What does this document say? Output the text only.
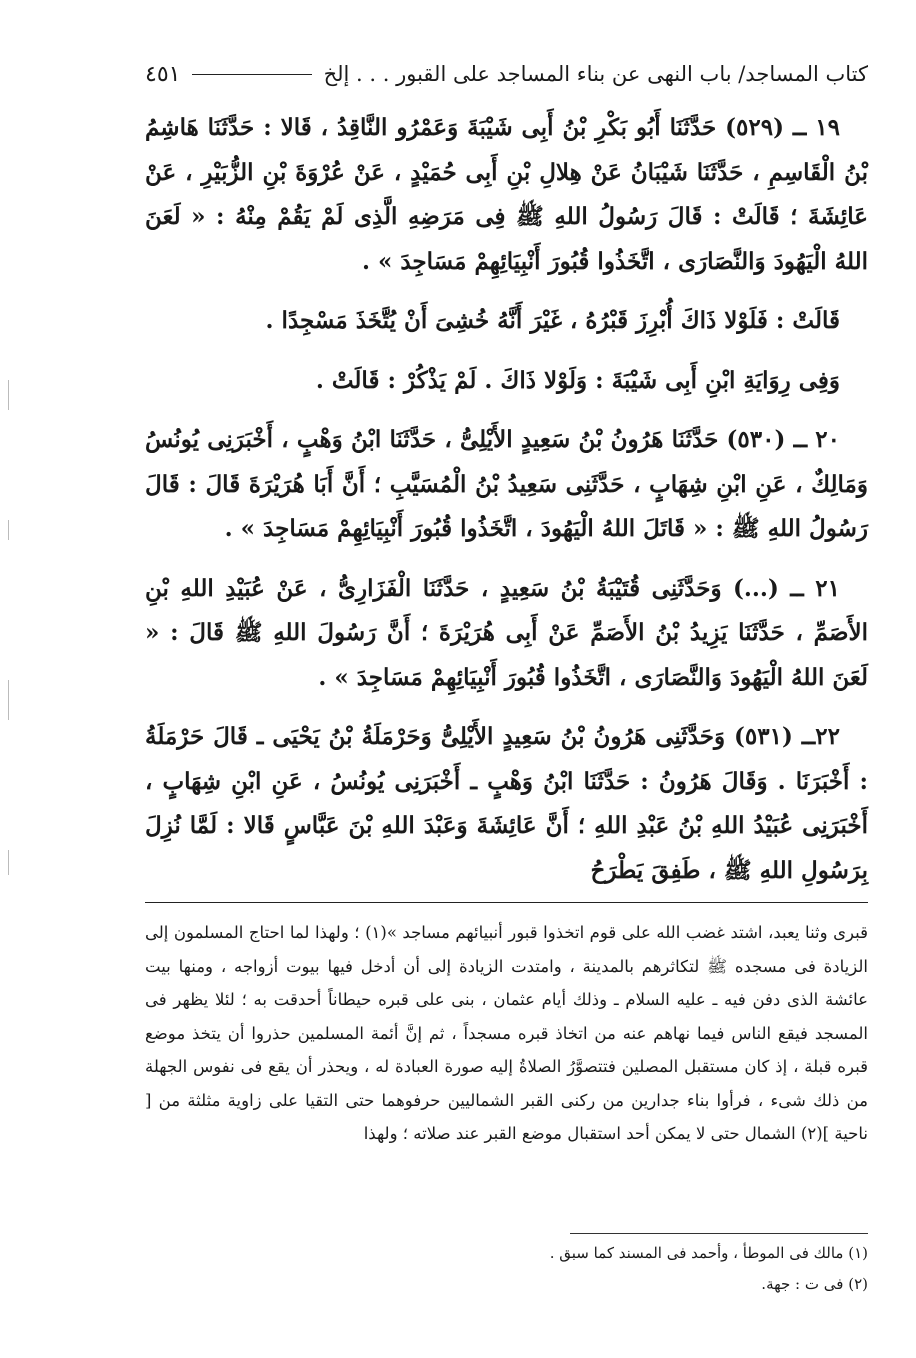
كتاب المساجد/ باب النهى عن بناء المساجد على القبور . . . إلخ
٤٥١

١٩ ــ (٥٢٩) حَدَّثَنَا أَبُو بَكْرِ بْنُ أَبِى شَيْبَةَ وَعَمْرُو النَّاقِدُ ، قَالا : حَدَّثَنَا هَاشِمُ بْنُ الْقَاسِمِ ، حَدَّثَنَا شَيْبَانُ عَنْ هِلالِ بْنِ أَبِى حُمَيْدٍ ، عَنْ عُرْوَةَ بْنِ الزُّبَيْرِ ، عَنْ عَائِشَةَ ؛ قَالَتْ : قَالَ رَسُولُ اللهِ ﷺ فِى مَرَضِهِ الَّذِى لَمْ يَقُمْ مِنْهُ : « لَعَنَ اللهُ الْيَهُودَ وَالنَّصَارَى ، اتَّخَذُوا قُبُورَ أَنْبِيَائِهِمْ مَسَاجِدَ » .

قَالَتْ : فَلَوْلا ذَاكَ أُبْرِزَ قَبْرُهُ ، غَيْرَ أَنَّهُ خُشِىَ أَنْ يُتَّخَذَ مَسْجِدًا .

وَفِى رِوَايَةِ ابْنِ أَبِى شَيْبَةَ : وَلَوْلا ذَاكَ . لَمْ يَذْكُرْ : قَالَتْ .

٢٠ ــ (٥٣٠) حَدَّثَنَا هَرُونُ بْنُ سَعِيدٍ الأَيْلِىُّ ، حَدَّثَنَا ابْنُ وَهْبٍ ، أَخْبَرَنِى يُونُسُ وَمَالِكٌ ، عَنِ ابْنِ شِهَابٍ ، حَدَّثَنِى سَعِيدُ بْنُ الْمُسَيَّبِ ؛ أَنَّ أَبَا هُرَيْرَةَ قَالَ : قَالَ رَسُولُ اللهِ ﷺ : « قَاتَلَ اللهُ الْيَهُودَ ، اتَّخَذُوا قُبُورَ أَنْبِيَائِهِمْ مَسَاجِدَ » .

٢١ ــ (...) وَحَدَّثَنِى قُتَيْبَةُ بْنُ سَعِيدٍ ، حَدَّثَنَا الْفَزَارِىُّ ، عَنْ عُبَيْدِ اللهِ بْنِ الأَصَمِّ ، حَدَّثَنَا يَزِيدُ بْنُ الأَصَمِّ عَنْ أَبِى هُرَيْرَةَ ؛ أَنَّ رَسُولَ اللهِ ﷺ قَالَ : « لَعَنَ اللهُ الْيَهُودَ وَالنَّصَارَى ، اتَّخَذُوا قُبُورَ أَنْبِيَائِهِمْ مَسَاجِدَ » .

٢٢ــ (٥٣١) وَحَدَّثَنِى هَرُونُ بْنُ سَعِيدٍ الأَيْلِىُّ وَحَرْمَلَةُ بْنُ يَحْيَى ـ قَالَ حَرْمَلَةُ : أَخْبَرَنَا . وَقَالَ هَرُونُ : حَدَّثَنَا ابْنُ وَهْبٍ ـ أَخْبَرَنِى يُونُسُ ، عَنِ ابْنِ شِهَابٍ ، أَخْبَرَنِى عُبَيْدُ اللهِ بْنُ عَبْدِ اللهِ ؛ أَنَّ عَائِشَةَ وَعَبْدَ اللهِ بْنَ عَبَّاسٍ قَالا : لَمَّا نُزِلَ بِرَسُولِ اللهِ ﷺ ، طَفِقَ يَطْرَحُ

قبرى وثنا يعبد، اشتد غضب الله على قوم اتخذوا قبور أنبيائهم مساجد »(١) ؛ ولهذا لما احتاج المسلمون إلى الزيادة فى مسجده ﷺ لتكاثرهم بالمدينة ، وامتدت الزيادة إلى أن أدخل فيها بيوت أزواجه ، ومنها بيت عائشة الذى دفن فيه ـ عليه السلام ـ وذلك أيام عثمان ، بنى على قبره حيطاناً أحدقت به ؛ لئلا يظهر فى المسجد فيقع الناس فيما نهاهم عنه من اتخاذ قبره مسجداً ، ثم إنَّ أئمة المسلمين حذروا أن يتخذ موضع قبره قبلة ، إذ كان مستقبل المصلين فتتصوَّرُ الصلاةُ إليه صورة العبادة له ، ويحذر أن يقع فى نفوس الجهلة من ذلك شىء ، فرأوا بناء جدارين من ركنى القبر الشماليين حرفوهما حتى التقيا على زاوية مثلثة من [ ناحية ](٢) الشمال حتى لا يمكن أحد استقبال موضع القبر عند صلاته ؛ ولهذا

(١) مالك فى الموطأ ، وأحمد فى المسند كما سبق .

(٢) فى ت : جهة.
